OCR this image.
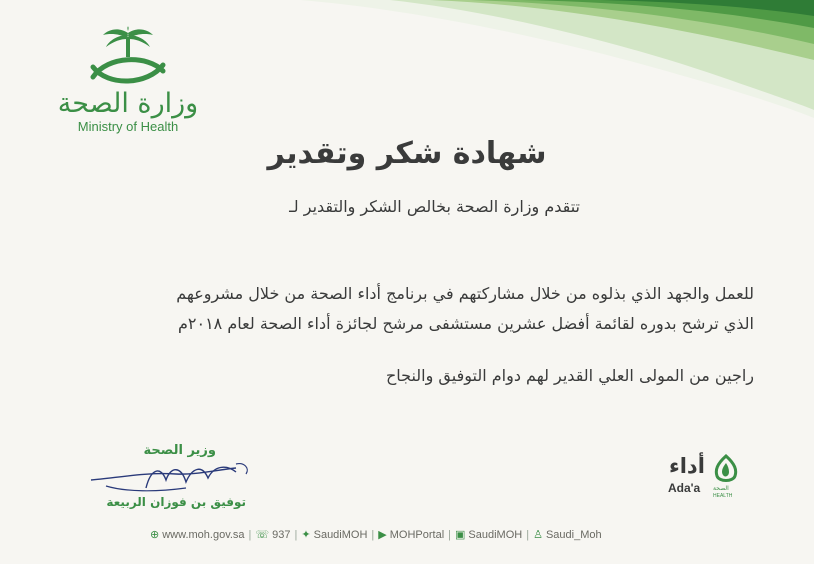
وزارة الصحة
Ministry of Health
شهادة شكر وتقدير
تتقدم وزارة الصحة بخالص الشكر والتقدير لـ

للعمل والجهد الذي بذلوه من خلال مشاركتهم في برنامج أداء الصحة من خلال مشروعهم

الذي ترشح بدوره لقائمة أفضل عشرين مستشفى مرشح لجائزة أداء الصحة لعام ٢٠١٨م

راجين من المولى العلي القدير لهم دوام التوفيق والنجاح

وزير الصحة
توفيق بن فوزان الربيعة
أداء
Ada'a الصحة
HEALTH
⊕ www.moh.gov.sa | ☏ 937 | ✦ SaudiMOH | ▶ MOHPortal | ▣ SaudiMOH | ♙ Saudi_Moh
